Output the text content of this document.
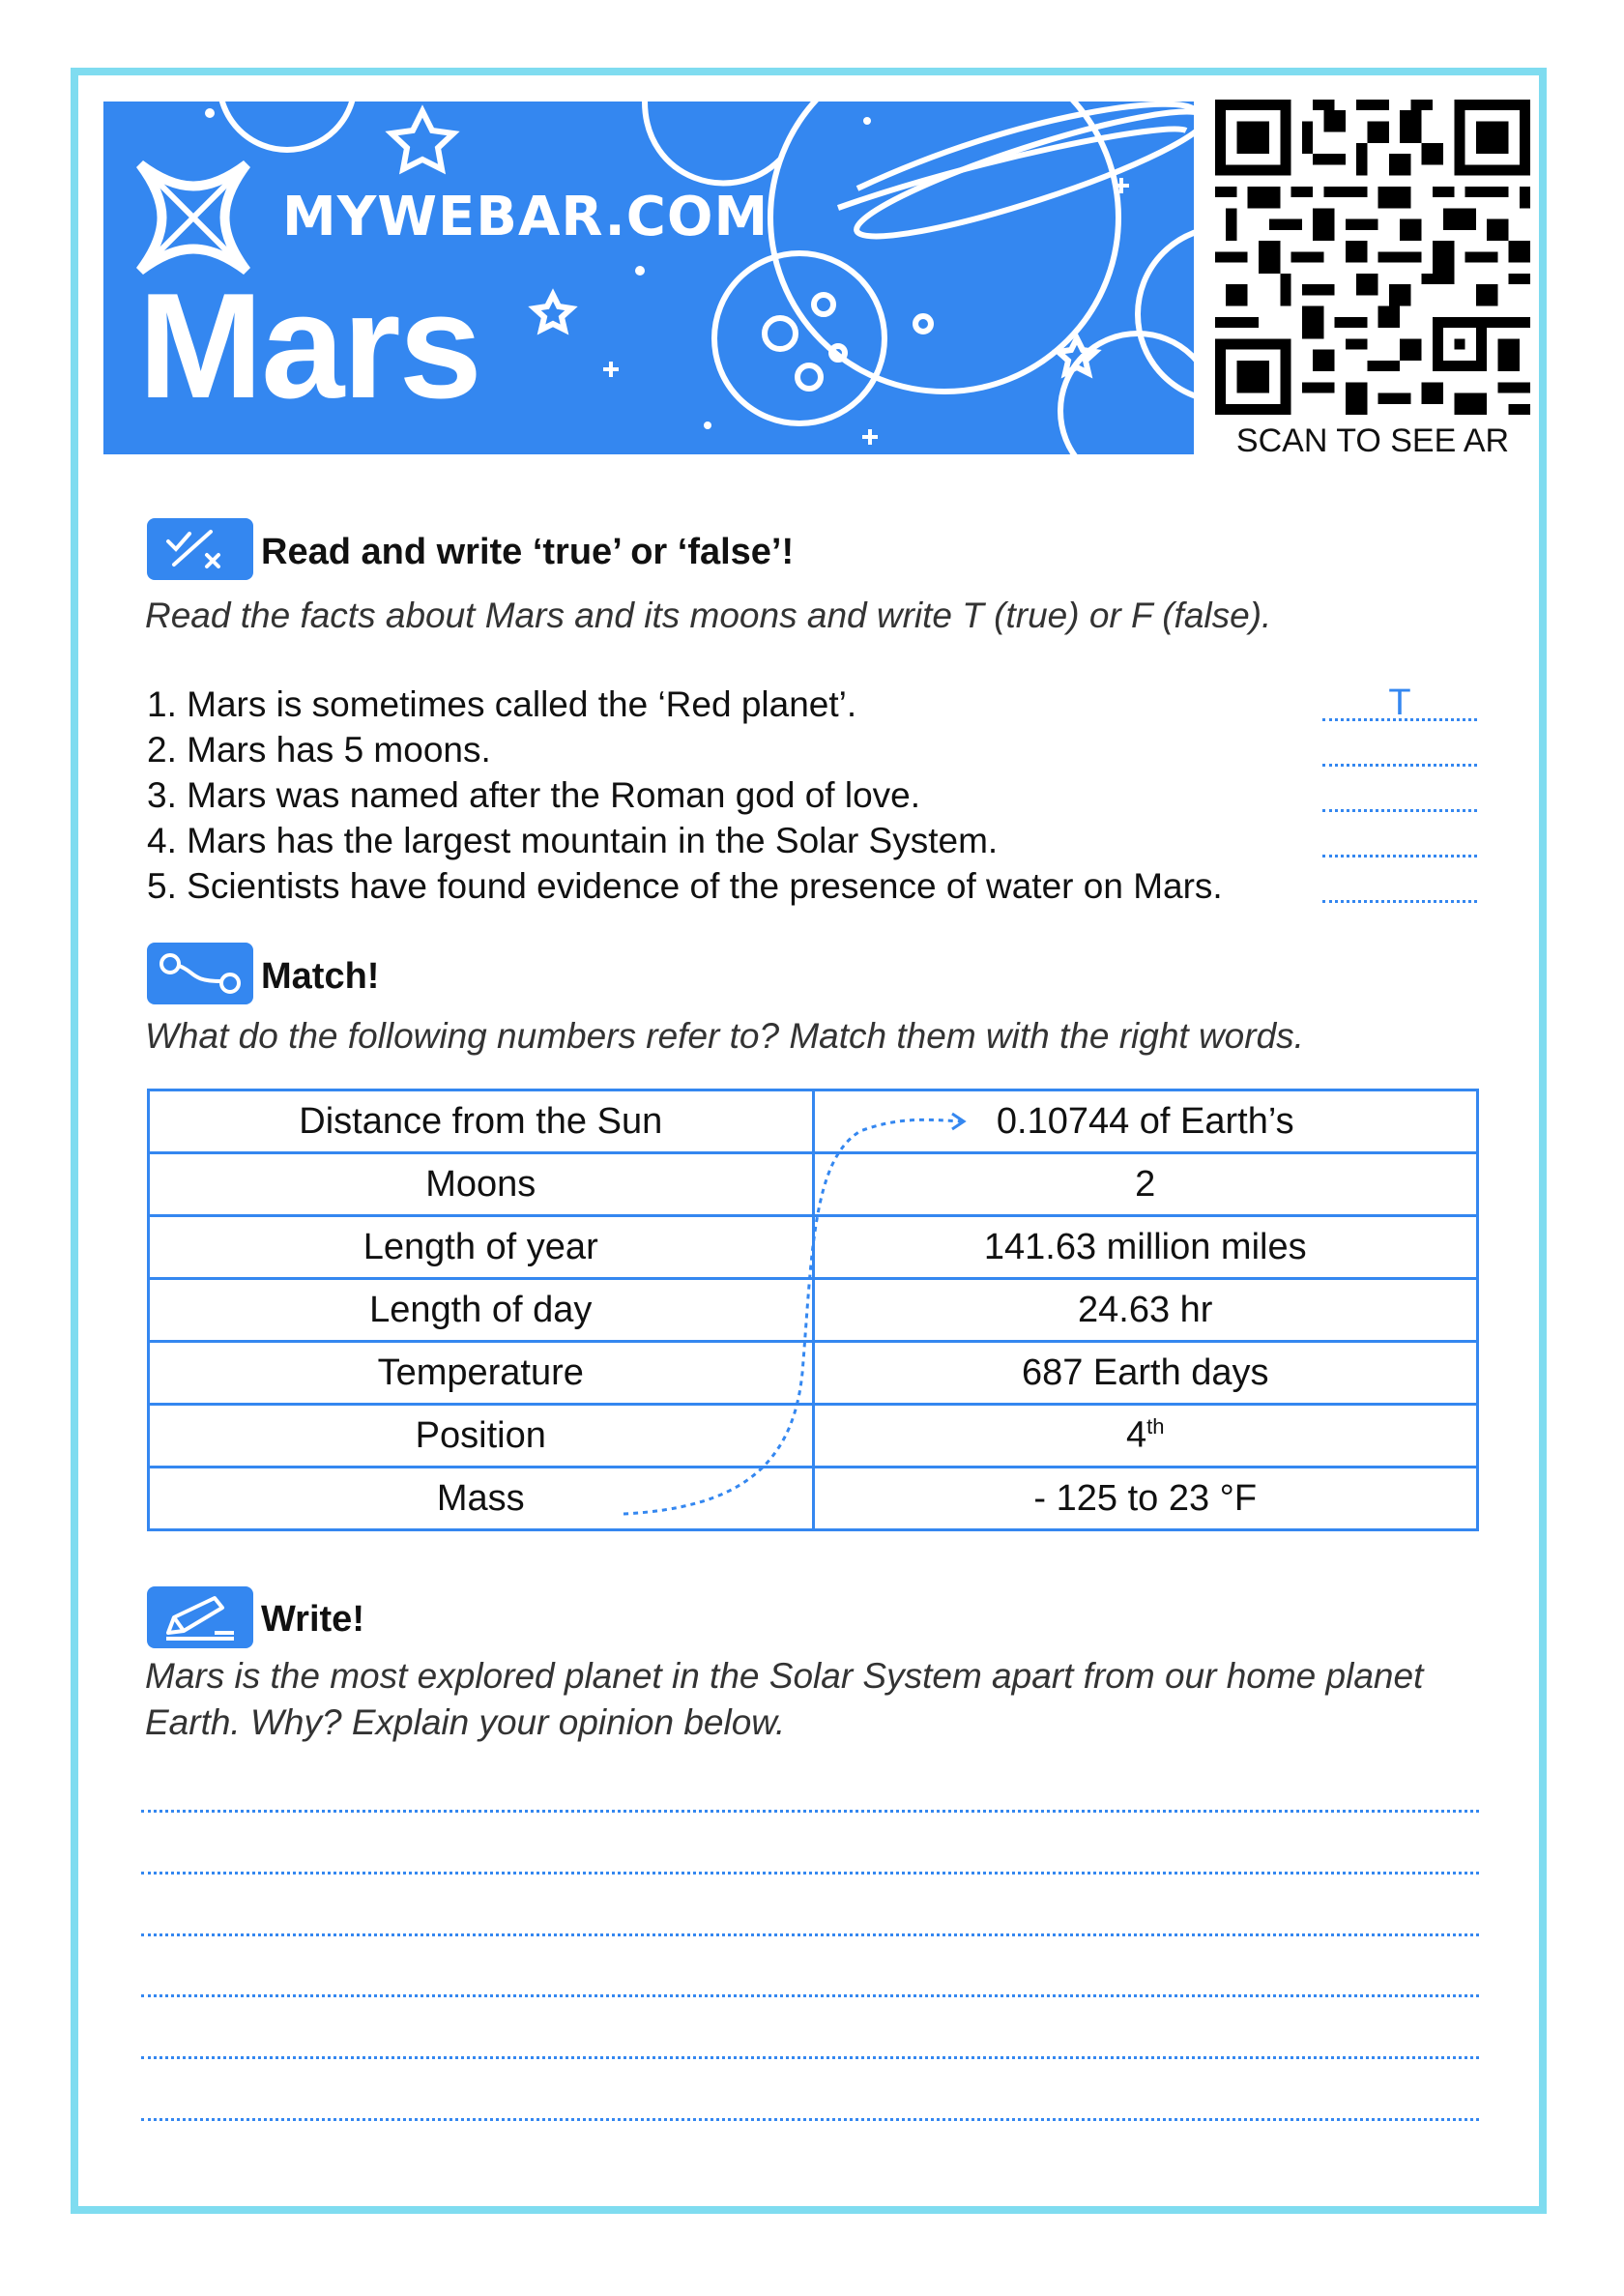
MYWEBAR.COM
Mars
SCAN TO SEE AR
Read and write ‘true’ or ‘false’!
Read the facts about Mars and its moons and write T (true) or F (false).
1. Mars is sometimes called the ‘Red planet’.
2. Mars has 5 moons.
3. Mars was named after the Roman god of love.
4. Mars has the largest mountain in the Solar System.
5. Scientists have found evidence of the presence of water on Mars.
T
Match!
What do the following numbers refer to? Match them with the right words.
Distance from the Sun	0.10744 of Earth’s
Moons	2
Length of year	141.63 million miles
Length of day	24.63 hr
Temperature	687 Earth days
Position	4th
Mass	- 125 to 23 °F
Write!
Mars is the most explored planet in the Solar System apart from our home planet Earth. Why? Explain your opinion below.
